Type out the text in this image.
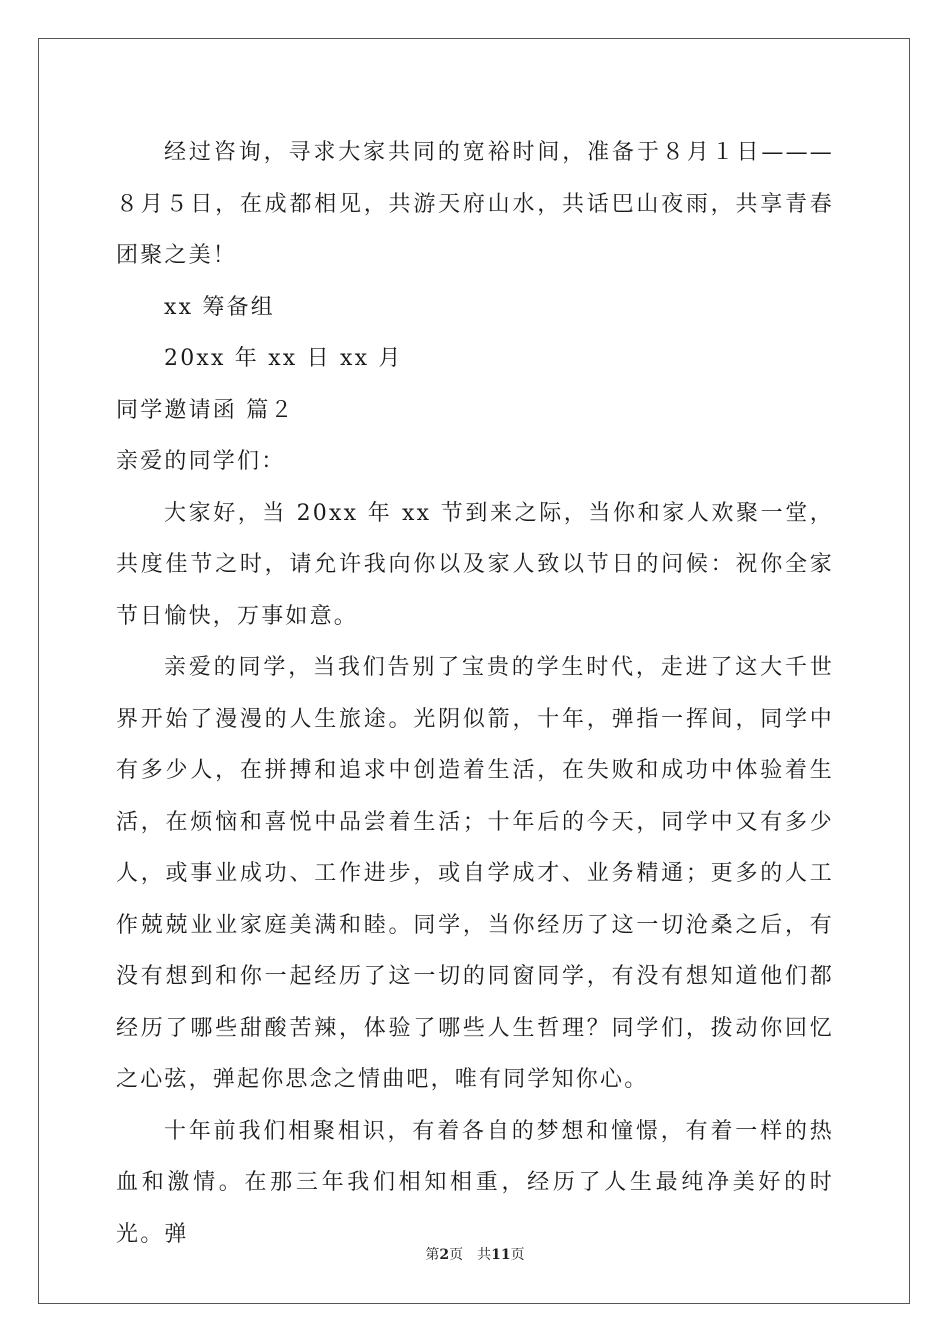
经过咨询，寻求大家共同的宽裕时间，准备于８月１日———８月５日，在成都相见，共游天府山水，共话巴山夜雨，共享青春团聚之美！

xx 筹备组

20xx 年 xx 日 xx 月

同学邀请函 篇２

亲爱的同学们：

大家好，当 20xx 年 xx 节到来之际，当你和家人欢聚一堂，共度佳节之时，请允许我向你以及家人致以节日的问候：祝你全家节日愉快，万事如意。

亲爱的同学，当我们告别了宝贵的学生时代，走进了这大千世界开始了漫漫的人生旅途。光阴似箭，十年，弹指一挥间，同学中有多少人，在拼搏和追求中创造着生活，在失败和成功中体验着生活，在烦恼和喜悦中品尝着生活；十年后的今天，同学中又有多少人，或事业成功、工作进步，或自学成才、业务精通；更多的人工作兢兢业业家庭美满和睦。同学，当你经历了这一切沧桑之后，有没有想到和你一起经历了这一切的同窗同学，有没有想知道他们都经历了哪些甜酸苦辣，体验了哪些人生哲理？同学们，拨动你回忆之心弦，弹起你思念之情曲吧，唯有同学知你心。

十年前我们相聚相识，有着各自的梦想和憧憬，有着一样的热血和激情。在那三年我们相知相重，经历了人生最纯净美好的时光。弹

第2页 共11页
